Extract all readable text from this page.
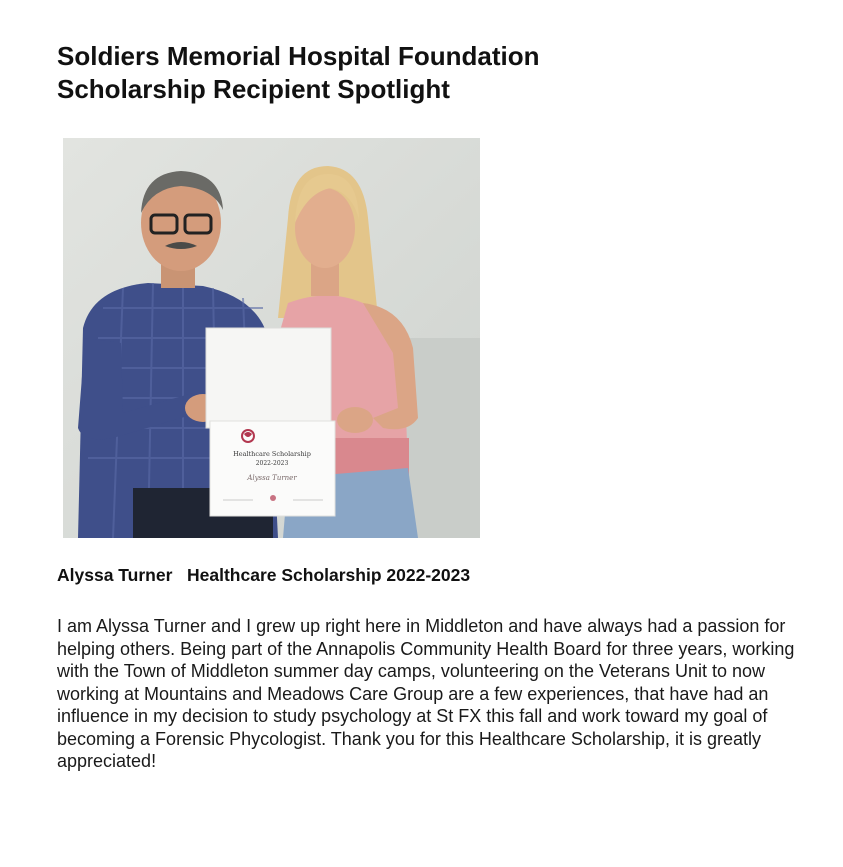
Soldiers Memorial Hospital Foundation
Scholarship Recipient Spotlight
Healthcare Scholarship
2022-2023
Alyssa Turner
Alyssa Turner Healthcare Scholarship 2022-2023

I am Alyssa Turner and I grew up right here in Middleton and have always had a passion for helping others. Being part of the Annapolis Community Health Board for three years, working with the Town of Middleton summer day camps, volunteering on the Veterans Unit to now working at Mountains and Meadows Care Group are a few experiences, that have had an influence in my decision to study psychology at St FX this fall and work toward my goal of becoming a Forensic Phycologist. Thank you for this Healthcare Scholarship, it is greatly appreciated!
